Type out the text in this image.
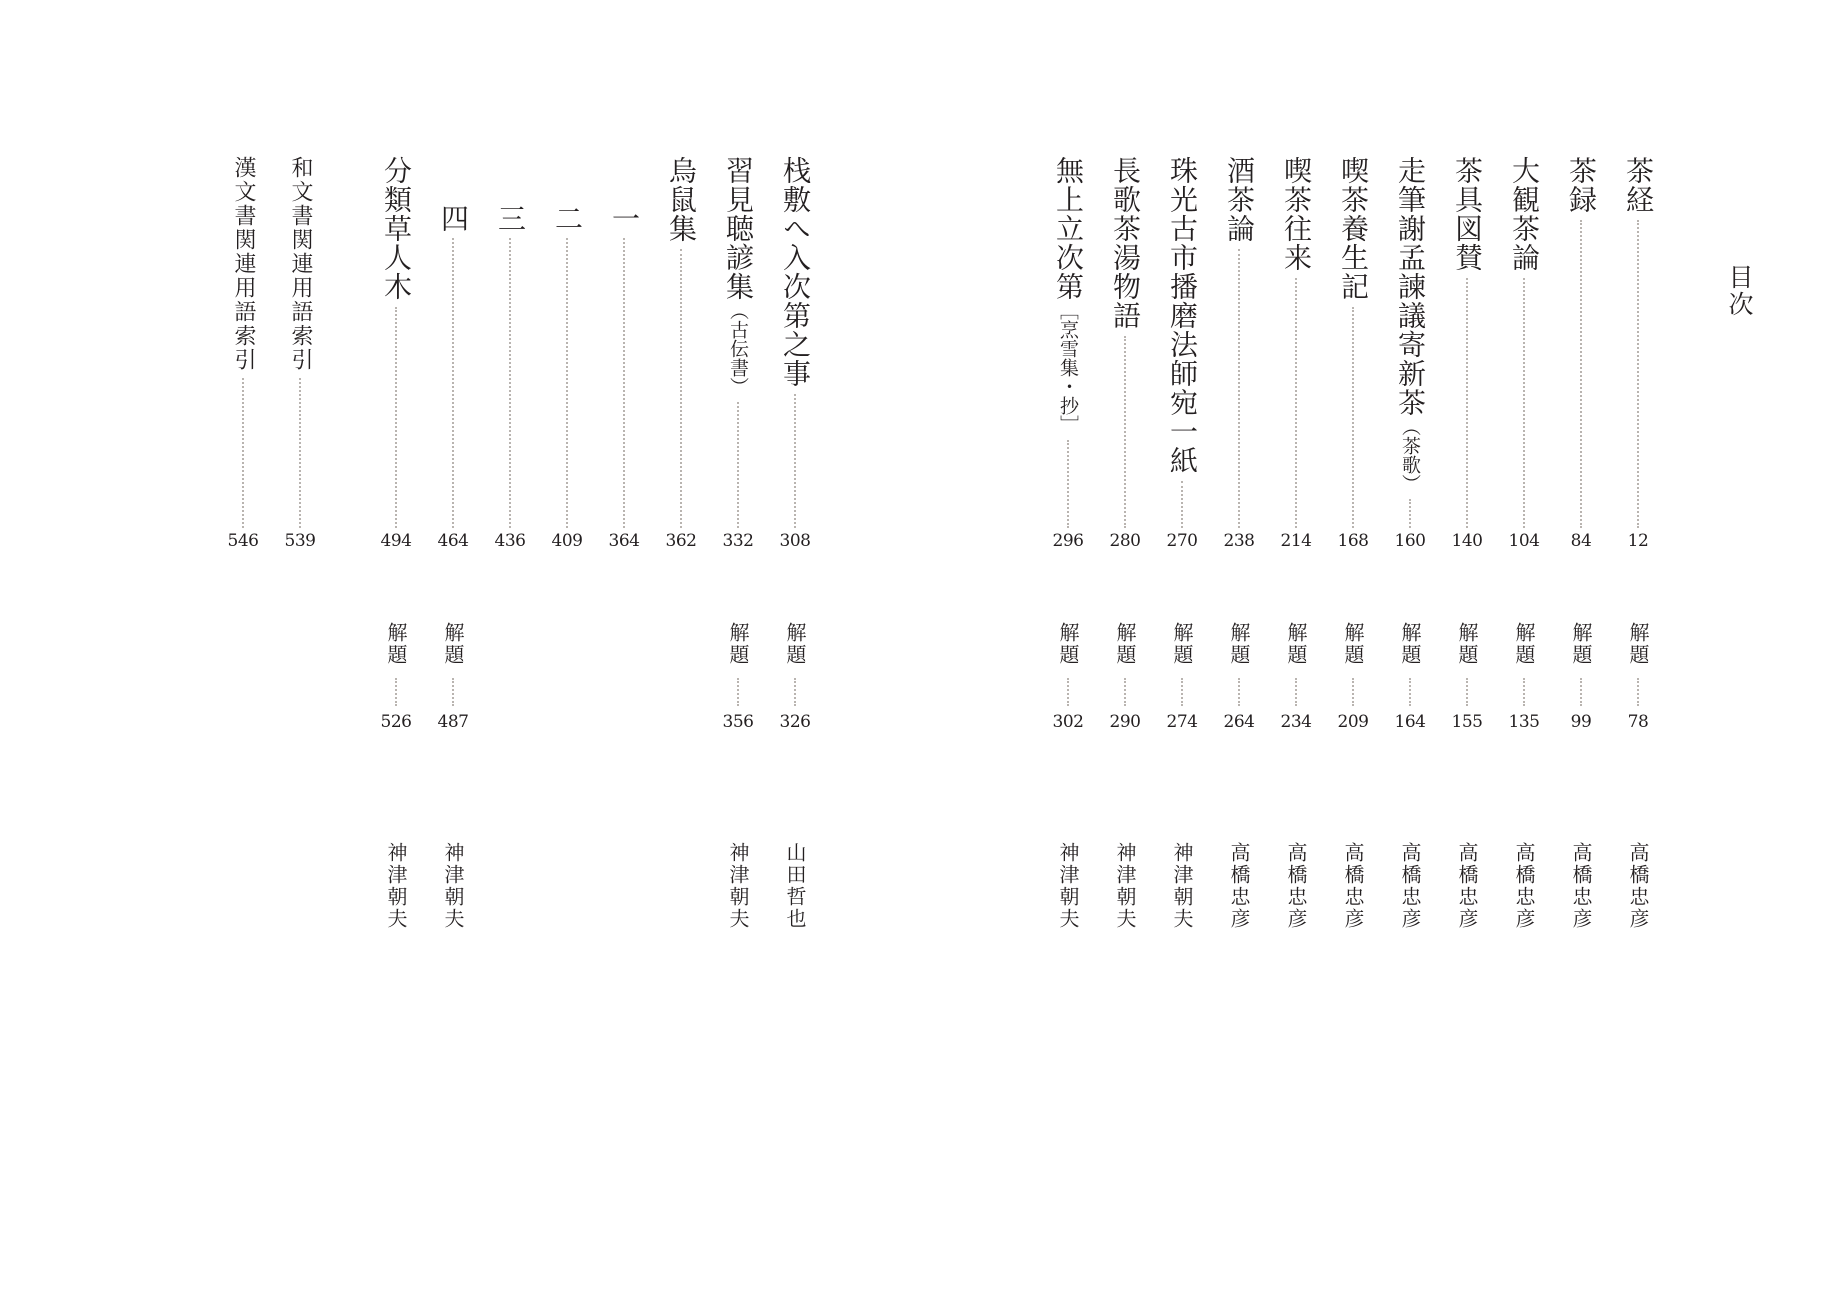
目次
茶経
12
解題
78
高橋忠彦
茶録
84
解題
99
高橋忠彦
大観茶論
104
解題
135
高橋忠彦
茶具図賛
140
解題
155
高橋忠彦
走筆謝孟諫議寄新茶（茶歌）
160
解題
164
高橋忠彦
喫茶養生記
168
解題
209
高橋忠彦
喫茶往来
214
解題
234
高橋忠彦
酒茶論
238
解題
264
高橋忠彦
珠光古市播磨法師宛一紙
270
解題
274
神津朝夫
長歌茶湯物語
280
解題
290
神津朝夫
無上立次第［烹雪集・抄］
296
解題
302
神津朝夫
栈敷へ入次第之事
308
解題
326
山田哲也
習見聴諺集（古伝書）
332
解題
356
神津朝夫
烏鼠集
362
一
364
二
409
三
436
四
464
解題
487
神津朝夫
分類草人木
494
解題
526
神津朝夫
和文書関連用語索引
539
漢文書関連用語索引
546
